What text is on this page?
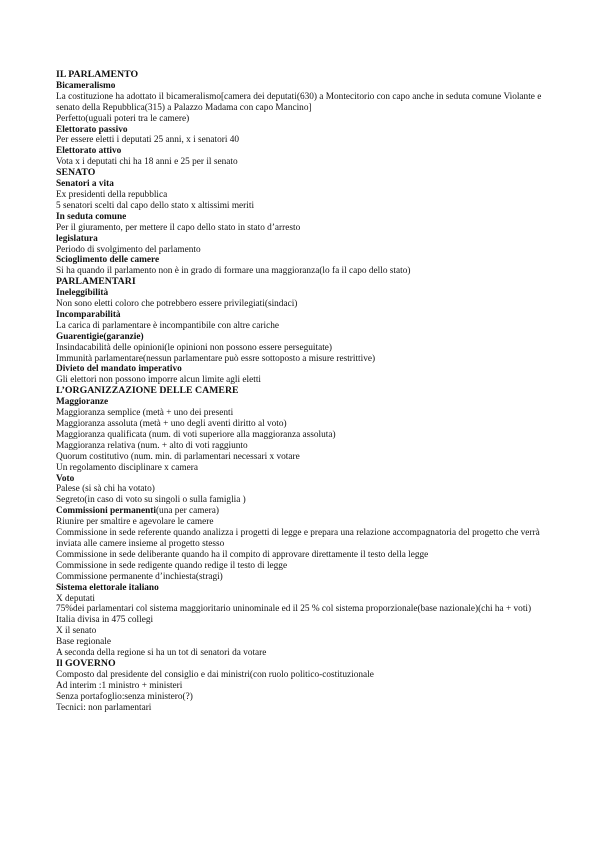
IL PARLAMENTO
Bicameralismo
La costituzione ha adottato il bicameralismo[camera dei deputati(630) a Montecitorio con capo anche in seduta comune Violante e senato della Repubblica(315) a Palazzo Madama con capo Mancino]
Perfetto(uguali poteri tra le camere)
Elettorato passivo
Per essere eletti i deputati 25 anni, x i senatori 40
Elettorato attivo
Vota x i deputati chi ha 18 anni e 25 per il senato
SENATO
Senatori a vita
Ex presidenti della repubblica
5 senatori scelti dal capo dello stato x altissimi meriti
In seduta comune
Per il giuramento, per mettere il capo dello stato in stato d’arresto
legislatura
Periodo di svolgimento del parlamento
Scioglimento delle camere
Si ha quando il parlamento non è in grado di formare una maggioranza(lo fa il capo dello stato)
PARLAMENTARI
Ineleggibilità
Non sono eletti coloro che potrebbero essere privilegiati(sindaci)
Incomparabilità
La carica di parlamentare è incompantibile con altre cariche
Guarentigie(garanzie)
Insindacabilità delle opinioni(le opinioni non possono essere perseguitate)
Immunità parlamentare(nessun parlamentare può essre sottoposto a misure restrittive)
Divieto del mandato imperativo
Gli elettori non possono imporre alcun limite agli eletti
L’ORGANIZZAZIONE DELLE CAMERE
Maggioranze
Maggioranza semplice (metà + uno dei presenti
Maggioranza assoluta (metà + uno degli aventi diritto al voto)
Maggioranza qualificata (num. di voti superiore alla maggioranza assoluta)
Maggioranza relativa (num. + alto di voti raggiunto
Quorum costitutivo (num. min. di parlamentari necessari x votare
Un regolamento disciplinare x camera
Voto
Palese (si sà chi ha votato)
Segreto(in caso di voto su singoli o sulla famiglia )
Commissioni permanenti(una per camera)
Riunire per smaltire e agevolare le camere
Commissione in sede referente quando analizza i progetti di legge e prepara una relazione accompagnatoria del progetto che verrà inviata alle camere insieme al progetto stesso
Commissione in sede deliberante quando ha il compito di approvare direttamente il testo della legge
Commissione in sede redigente quando redige il testo di legge
Commissione permanente d’inchiesta(stragi)
Sistema elettorale italiano
X deputati
75%dei parlamentari col sistema maggioritario uninominale ed il 25 % col sistema proporzionale(base nazionale)(chi ha + voti)
Italia divisa in 475 collegi
X il senato
Base regionale
A seconda della regione si ha un tot di senatori da votare
Il GOVERNO
Composto dal presidente del consiglio e dai ministri(con ruolo politico-costituzionale
Ad interim :1 ministro + ministeri
Senza portafoglio:senza ministero(?)
Tecnici: non parlamentari
